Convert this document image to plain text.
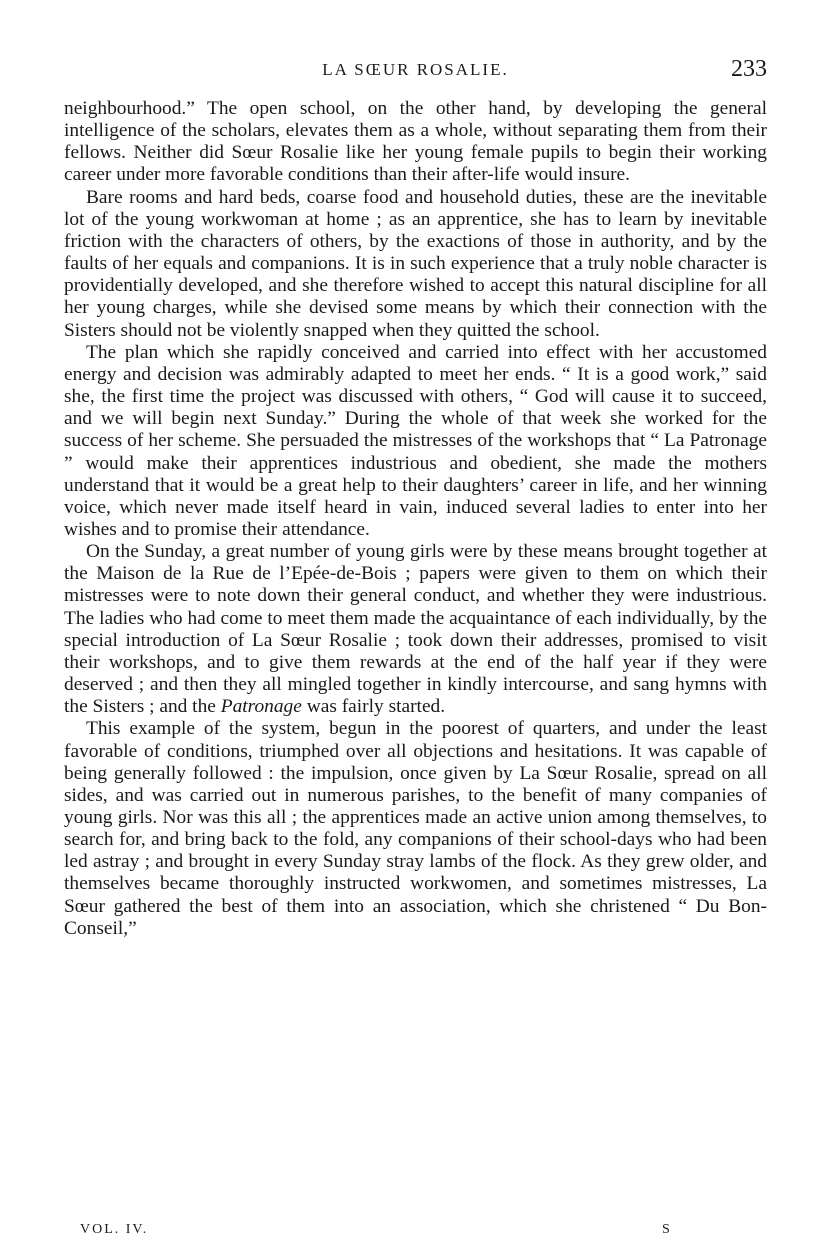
LA SŒUR ROSALIE.	233

neighbourhood.” The open school, on the other hand, by developing the general intelligence of the scholars, elevates them as a whole, without separating them from their fellows. Neither did Sœur Rosalie like her young female pupils to begin their working career under more favorable conditions than their after-life would insure.

Bare rooms and hard beds, coarse food and household duties, these are the inevitable lot of the young workwoman at home ; as an apprentice, she has to learn by inevitable friction with the characters of others, by the exactions of those in authority, and by the faults of her equals and companions. It is in such experience that a truly noble character is providentially developed, and she therefore wished to accept this natural discipline for all her young charges, while she devised some means by which their connection with the Sisters should not be violently snapped when they quitted the school.

The plan which she rapidly conceived and carried into effect with her accustomed energy and decision was admirably adapted to meet her ends. “ It is a good work,” said she, the first time the project was discussed with others, “ God will cause it to succeed, and we will begin next Sunday.” During the whole of that week she worked for the success of her scheme. She persuaded the mistresses of the workshops that “ La Patronage ” would make their apprentices industrious and obedient, she made the mothers understand that it would be a great help to their daughters’ career in life, and her winning voice, which never made itself heard in vain, induced several ladies to enter into her wishes and to promise their attendance.

On the Sunday, a great number of young girls were by these means brought together at the Maison de la Rue de l’Epée-de-Bois ; papers were given to them on which their mistresses were to note down their general conduct, and whether they were industrious. The ladies who had come to meet them made the acquaintance of each individually, by the special introduction of La Sœur Rosalie ; took down their addresses, promised to visit their workshops, and to give them rewards at the end of the half year if they were deserved ; and then they all mingled together in kindly intercourse, and sang hymns with the Sisters ; and the Patronage was fairly started.

This example of the system, begun in the poorest of quarters, and under the least favorable of conditions, triumphed over all objections and hesitations. It was capable of being generally followed : the impulsion, once given by La Sœur Rosalie, spread on all sides, and was carried out in numerous parishes, to the benefit of many companies of young girls. Nor was this all ; the apprentices made an active union among themselves, to search for, and bring back to the fold, any companions of their school-days who had been led astray ; and brought in every Sunday stray lambs of the flock. As they grew older, and themselves became thoroughly instructed workwomen, and sometimes mistresses, La Sœur gathered the best of them into an association, which she christened “ Du Bon-Conseil,”

VOL. IV.	S
